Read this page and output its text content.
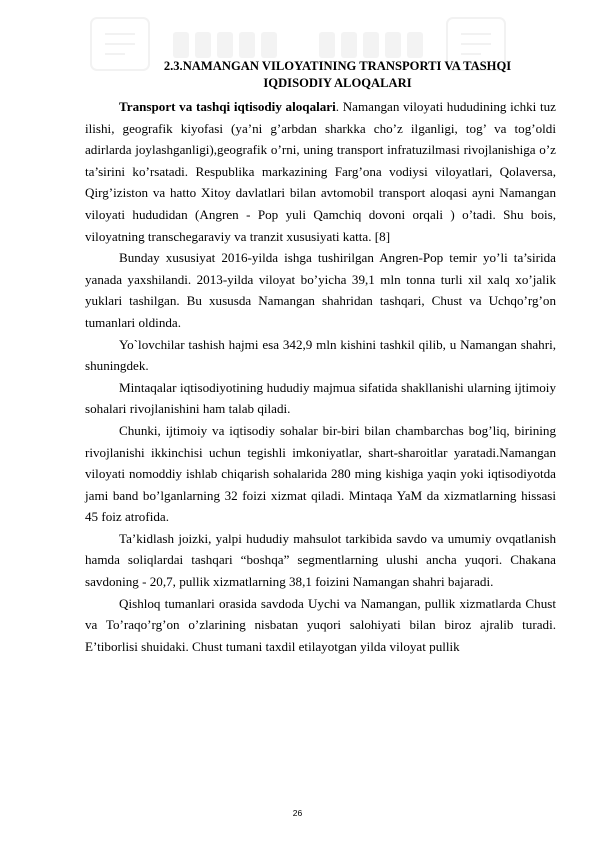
2.3.NAMANGAN VILOYATINING TRANSPORTI VA TASHQI
IQDISODIY ALOQALARI

Transport va tashqi iqtisodiy aloqalari. Namangan viloyati hududining ichki tuz ilishi, geografik kiyofasi (ya’ni g’arbdan sharkka cho’z ilganligi, tog’ va tog’oldi adirlarda joylashganligi),geografik o’rni, uning transport infratuzilmasi rivojlanishiga o’z ta’sirini ko’rsatadi. Respublika markazining Farg’ona vodiysi viloyatlari, Qolaversa, Qirg’iziston va hatto Xitoy davlatlari bilan avtomobil transport aloqasi ayni Namangan viloyati hududidan (Angren - Pop yuli Qamchiq dovoni orqali ) o’tadi. Shu bois, viloyatning transchegaraviy va tranzit xususiyati katta. [8]

Bunday xususiyat 2016-yilda ishga tushirilgan Angren-Pop temir yo’li ta’sirida yanada yaxshilandi. 2013-yilda viloyat bo’yicha 39,1 mln tonna turli xil xalq xo’jalik yuklari tashilgan. Bu xususda Namangan shahridan tashqari, Chust va Uchqo’rg’on tumanlari oldinda.

Yo`lovchilar tashish hajmi esa 342,9 mln kishini tashkil qilib, u Namangan shahri, shuningdek.

Mintaqalar iqtisodiyotining hududiy majmua sifatida shakllanishi ularning ijtimoiy sohalari rivojlanishini ham talab qiladi.

Chunki, ijtimoiy va iqtisodiy sohalar bir-biri bilan chambarchas bog’liq, birining rivojlanishi ikkinchisi uchun tegishli imkoniyatlar, shart-sharoitlar yaratadi.Namangan viloyati nomoddiy ishlab chiqarish sohalarida 280 ming kishiga yaqin yoki iqtisodiyotda jami band bo’lganlarning 32 foizi xizmat qiladi. Mintaqa YaM da xizmatlarning hissasi 45 foiz atrofida.

Ta’kidlash joizki, yalpi hududiy mahsulot tarkibida savdo va umumiy ovqatlanish hamda soliqlardai tashqari “boshqa” segmentlarning ulushi ancha yuqori. Chakana savdoning - 20,7, pullik xizmatlarning 38,1 foizini Namangan shahri bajaradi.

Qishloq tumanlari orasida savdoda Uychi va Namangan, pullik xizmatlarda Chust va To’raqo’rg’on o’zlarining nisbatan yuqori salohiyati bilan biroz ajralib turadi. E’tiborlisi shuidaki. Chust tumani taxdil etilayotgan yilda viloyat pullik

26
